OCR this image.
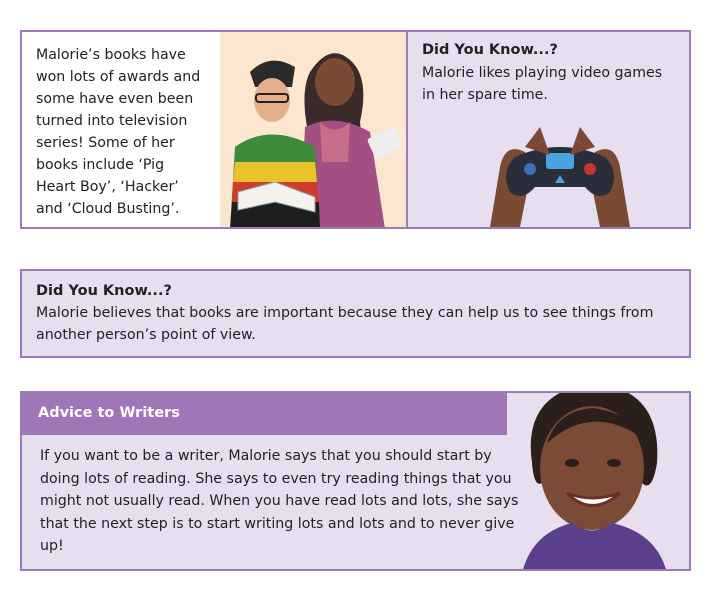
Malorie’s books have won lots of awards and some have even been turned into television series! Some of her books include ‘Pig Heart Boy’, ‘Hacker’ and ‘Cloud Busting’.

Did You Know...?

Malorie likes playing video games in her spare time.

Did You Know...?

Malorie believes that books are important because they can help us to see things from another person’s point of view.

Advice to Writers

If you want to be a writer, Malorie says that you should start by doing lots of reading. She says to even try reading things that you might not usually read. When you have read lots and lots, she says that the next step is to start writing lots and lots and to never give up!
